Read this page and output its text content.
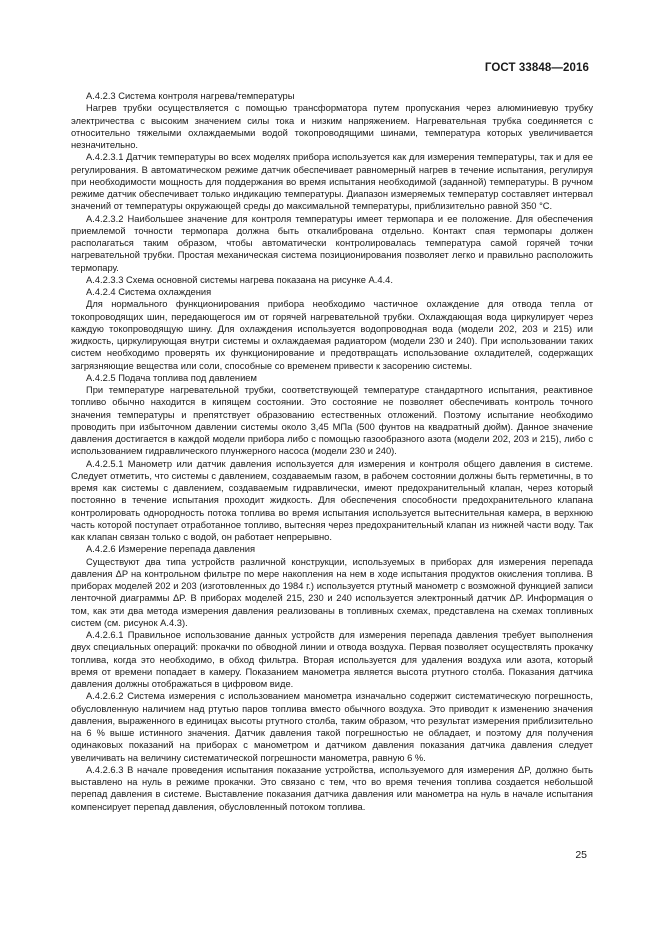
ГОСТ 33848—2016

А.4.2.3 Система контроля нагрева/температуры

Нагрев трубки осуществляется с помощью трансформатора путем пропускания через алюминиевую трубку электричества с высоким значением силы тока и низким напряжением. Нагревательная трубка соединяется с относительно тяжелыми охлаждаемыми водой токопроводящими шинами, температура которых увеличивается незначительно.

А.4.2.3.1 Датчик температуры во всех моделях прибора используется как для измерения температуры, так и для ее регулирования. В автоматическом режиме датчик обеспечивает равномерный нагрев в течение испытания, регулируя при необходимости мощность для поддержания во время испытания необходимой (заданной) температуры. В ручном режиме датчик обеспечивает только индикацию температуры. Диапазон измеряемых температур составляет интервал значений от температуры окружающей среды до максимальной температуры, приблизительно равной 350 °С.

А.4.2.3.2 Наибольшее значение для контроля температуры имеет термопара и ее положение. Для обеспечения приемлемой точности термопара должна быть откалибрована отдельно. Контакт спая термопары должен располагаться таким образом, чтобы автоматически контролировалась температура самой горячей точки нагревательной трубки. Простая механическая система позиционирования позволяет легко и правильно расположить термопару.

А.4.2.3.3 Схема основной системы нагрева показана на рисунке А.4.4.

А.4.2.4 Система охлаждения

Для нормального функционирования прибора необходимо частичное охлаждение для отвода тепла от токопроводящих шин, передающегося им от горячей нагревательной трубки. Охлаждающая вода циркулирует через каждую токопроводящую шину. Для охлаждения используется водопроводная вода (модели 202, 203 и 215) или жидкость, циркулирующая внутри системы и охлаждаемая радиатором (модели 230 и 240). При использовании таких систем необходимо проверять их функционирование и предотвращать использование охладителей, содержащих загрязняющие вещества или соли, способные со временем привести к засорению системы.

А.4.2.5 Подача топлива под давлением

При температуре нагревательной трубки, соответствующей температуре стандартного испытания, реактивное топливо обычно находится в кипящем состоянии. Это состояние не позволяет обеспечивать контроль точного значения температуры и препятствует образованию естественных отложений. Поэтому испытание необходимо проводить при избыточном давлении системы около 3,45 МПа (500 фунтов на квадратный дюйм). Данное значение давления достигается в каждой модели прибора либо с помощью газообразного азота (модели 202, 203 и 215), либо с использованием гидравлического плунжерного насоса (модели 230 и 240).

А.4.2.5.1 Манометр или датчик давления используется для измерения и контроля общего давления в системе. Следует отметить, что системы с давлением, создаваемым газом, в рабочем состоянии должны быть герметичны, в то время как системы с давлением, создаваемым гидравлически, имеют предохранительный клапан, через который постоянно в течение испытания проходит жидкость. Для обеспечения способности предохранительного клапана контролировать однородность потока топлива во время испытания используется вытеснительная камера, в верхнюю часть которой поступает отработанное топливо, вытесняя через предохранительный клапан из нижней части воду. Так как клапан связан только с водой, он работает непрерывно.

А.4.2.6 Измерение перепада давления

Существуют два типа устройств различной конструкции, используемых в приборах для измерения перепада давления ΔP на контрольном фильтре по мере накопления на нем в ходе испытания продуктов окисления топлива. В приборах моделей 202 и 203 (изготовленных до 1984 г.) используется ртутный манометр с возможной функцией записи ленточной диаграммы ΔP. В приборах моделей 215, 230 и 240 используется электронный датчик ΔP. Информация о том, как эти два метода измерения давления реализованы в топливных схемах, представлена на схемах топливных систем (см. рисунок А.4.3).

А.4.2.6.1 Правильное использование данных устройств для измерения перепада давления требует выполнения двух специальных операций: прокачки по обводной линии и отвода воздуха. Первая позволяет осуществлять прокачку топлива, когда это необходимо, в обход фильтра. Вторая используется для удаления воздуха или азота, который время от времени попадает в камеру. Показанием манометра является высота ртутного столба. Показания датчика давления должны отображаться в цифровом виде.

А.4.2.6.2 Система измерения с использованием манометра изначально содержит систематическую погрешность, обусловленную наличием над ртутью паров топлива вместо обычного воздуха. Это приводит к изменению значения давления, выраженного в единицах высоты ртутного столба, таким образом, что результат измерения приблизительно на 6 % выше истинного значения. Датчик давления такой погрешностью не обладает, и поэтому для получения одинаковых показаний на приборах с манометром и датчиком давления показания датчика давления следует увеличивать на величину систематической погрешности манометра, равную 6 %.

А.4.2.6.3 В начале проведения испытания показание устройства, используемого для измерения ΔP, должно быть выставлено на нуль в режиме прокачки. Это связано с тем, что во время течения топлива создается небольшой перепад давления в системе. Выставление показания датчика давления или манометра на нуль в начале испытания компенсирует перепад давления, обусловленный потоком топлива.

25
